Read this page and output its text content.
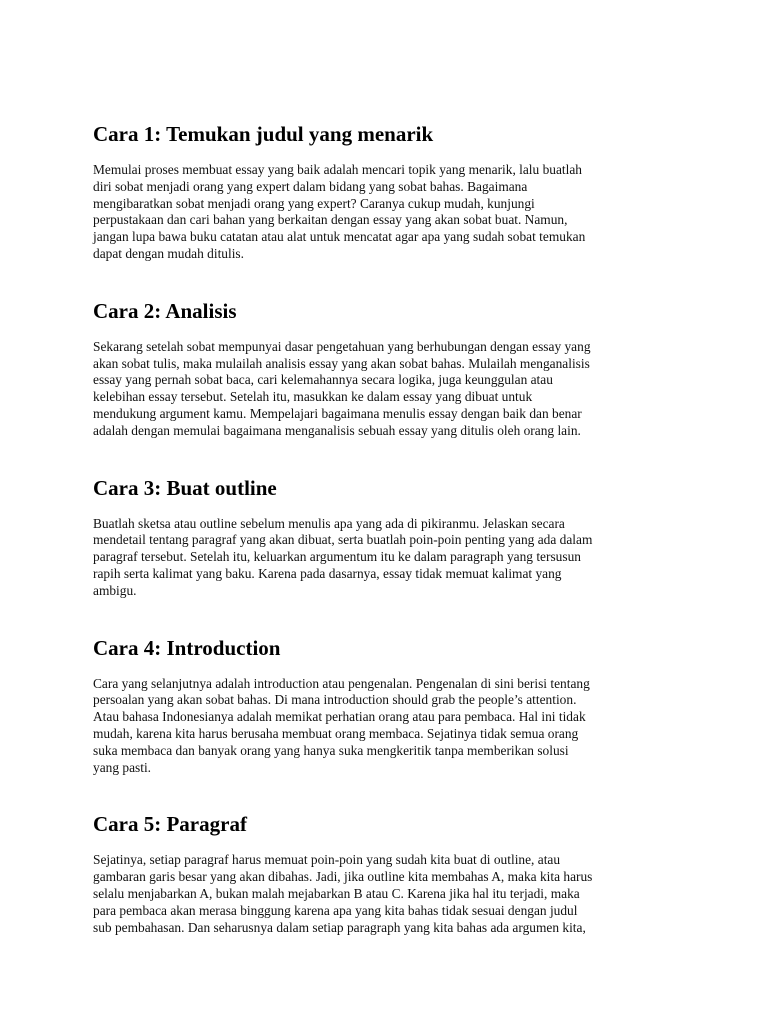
Cara 1: Temukan judul yang menarik

Memulai proses membuat essay yang baik adalah mencari topik yang menarik, lalu buatlah
diri sobat menjadi orang yang expert dalam bidang yang sobat bahas. Bagaimana
mengibaratkan sobat menjadi orang yang expert? Caranya cukup mudah, kunjungi
perpustakaan dan cari bahan yang berkaitan dengan essay yang akan sobat buat. Namun,
jangan lupa bawa buku catatan atau alat untuk mencatat agar apa yang sudah sobat temukan
dapat dengan mudah ditulis.

Cara 2: Analisis

Sekarang setelah sobat mempunyai dasar pengetahuan yang berhubungan dengan essay yang
akan sobat tulis, maka mulailah analisis essay yang akan sobat bahas. Mulailah menganalisis
essay yang pernah sobat baca, cari kelemahannya secara logika, juga keunggulan atau
kelebihan essay tersebut. Setelah itu, masukkan ke dalam essay yang dibuat untuk
mendukung argument kamu. Mempelajari bagaimana menulis essay dengan baik dan benar
adalah dengan memulai bagaimana menganalisis sebuah essay yang ditulis oleh orang lain.

Cara 3: Buat outline

Buatlah sketsa atau outline sebelum menulis apa yang ada di pikiranmu. Jelaskan secara
mendetail tentang paragraf yang akan dibuat, serta buatlah poin-poin penting yang ada dalam
paragraf tersebut. Setelah itu, keluarkan argumentum itu ke dalam paragraph yang tersusun
rapih serta kalimat yang baku. Karena pada dasarnya, essay tidak memuat kalimat yang
ambigu.

Cara 4: Introduction

Cara yang selanjutnya adalah introduction atau pengenalan. Pengenalan di sini berisi tentang
persoalan yang akan sobat bahas. Di mana introduction should grab the people’s attention.
Atau bahasa Indonesianya adalah memikat perhatian orang atau para pembaca. Hal ini tidak
mudah, karena kita harus berusaha membuat orang membaca. Sejatinya tidak semua orang
suka membaca dan banyak orang yang hanya suka mengkeritik tanpa memberikan solusi
yang pasti.

Cara 5: Paragraf

Sejatinya, setiap paragraf harus memuat poin-poin yang sudah kita buat di outline, atau
gambaran garis besar yang akan dibahas. Jadi, jika outline kita membahas A, maka kita harus
selalu menjabarkan A, bukan malah mejabarkan B atau C. Karena jika hal itu terjadi, maka
para pembaca akan merasa binggung karena apa yang kita bahas tidak sesuai dengan judul
sub pembahasan. Dan seharusnya dalam setiap paragraph yang kita bahas ada argumen kita,
